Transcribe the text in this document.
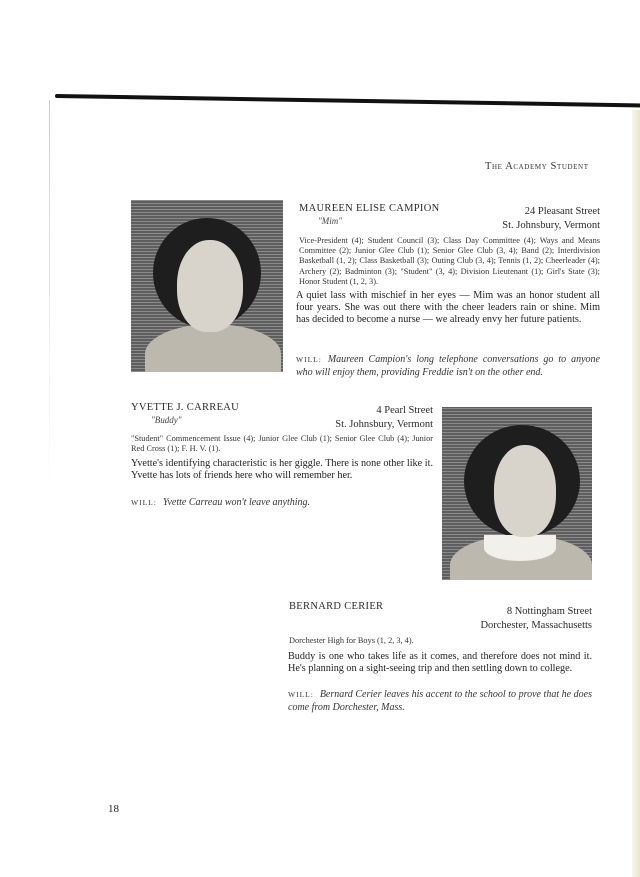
The Academy Student
MAUREEN ELISE CAMPION
"Mim"
24 Pleasant Street
St. Johnsbury, Vermont
Vice-President (4); Student Council (3); Class Day Committee (4); Ways and Means Committee (2); Junior Glee Club (1); Senior Glee Club (3, 4); Band (2); Interdivision Basketball (1, 2); Class Basketball (3); Outing Club (3, 4); Tennis (1, 2); Cheerleader (4); Archery (2); Badminton (3); "Student" (3, 4); Division Lieutenant (1); Girl's State (3); Honor Student (1, 2, 3).
A quiet lass with mischief in her eyes — Mim was an honor student all four years. She was out there with the cheer leaders rain or shine. Mim has decided to become a nurse — we already envy her future patients.
WILL: Maureen Campion's long telephone conversations go to anyone who will enjoy them, providing Freddie isn't on the other end.
YVETTE J. CARREAU
"Buddy"
4 Pearl Street
St. Johnsbury, Vermont
"Student" Commencement Issue (4); Junior Glee Club (1); Senior Glee Club (4); Junior Red Cross (1); F. H. V. (1).
Yvette's identifying characteristic is her giggle. There is none other like it. Yvette has lots of friends here who will remember her.
WILL: Yvette Carreau won't leave anything.
BERNARD CERIER	8 Nottingham Street
Dorchester, Massachusetts
Dorchester High for Boys (1, 2, 3, 4).
Buddy is one who takes life as it comes, and therefore does not mind it. He's planning on a sight-seeing trip and then settling down to college.
WILL: Bernard Cerier leaves his accent to the school to prove that he does come from Dorchester, Mass.
18
